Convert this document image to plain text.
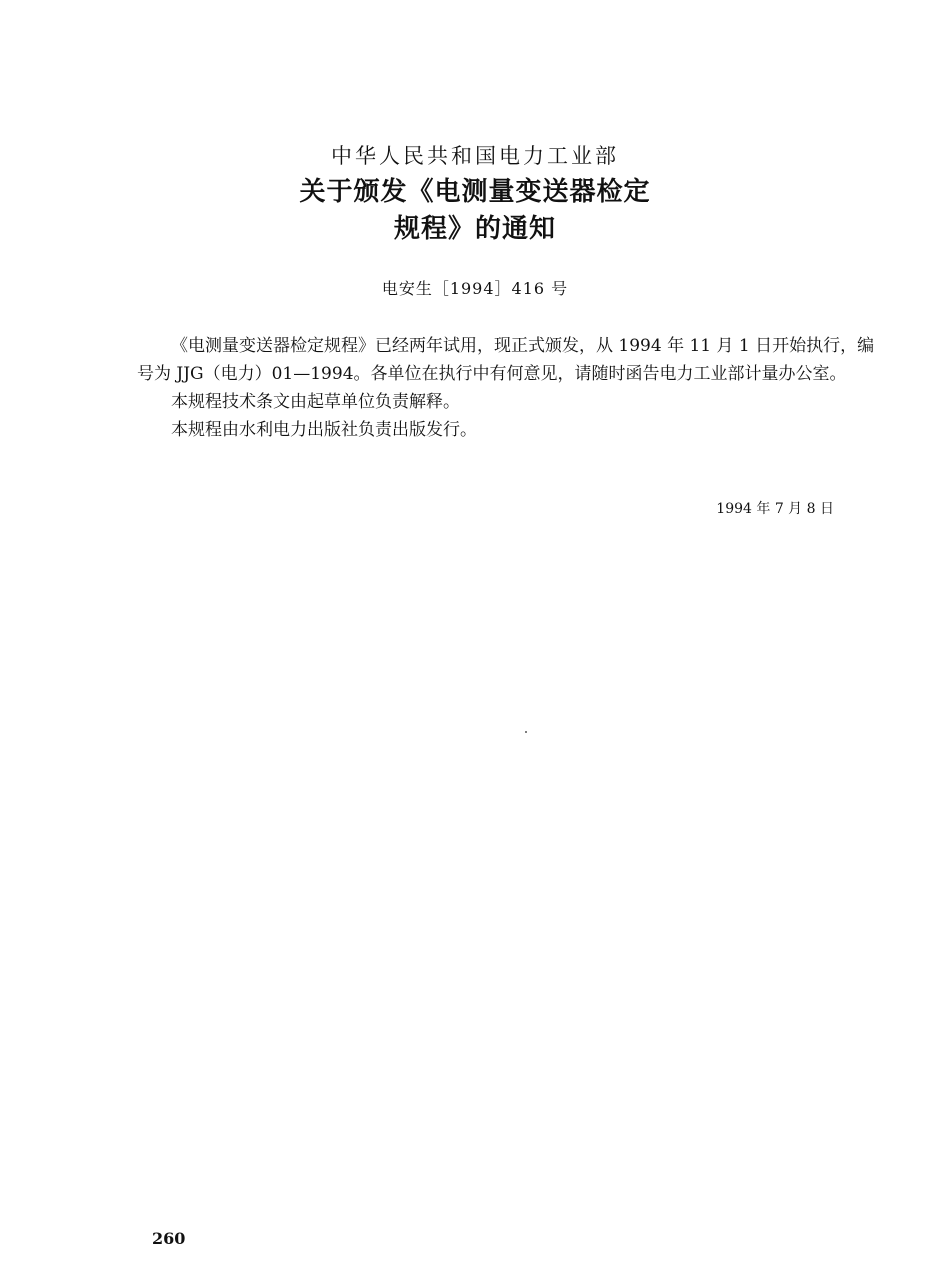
中华人民共和国电力工业部
关于颁发《电测量变送器检定
规程》的通知
电安生［1994］416 号

《电测量变送器检定规程》已经两年试用，现正式颁发，从 1994 年 11 月 1 日开始执行，编号为 JJG（电力）01—1994。各单位在执行中有何意见，请随时函告电力工业部计量办公室。

本规程技术条文由起草单位负责解释。

本规程由水利电力出版社负责出版发行。

1994 年 7 月 8 日
260
